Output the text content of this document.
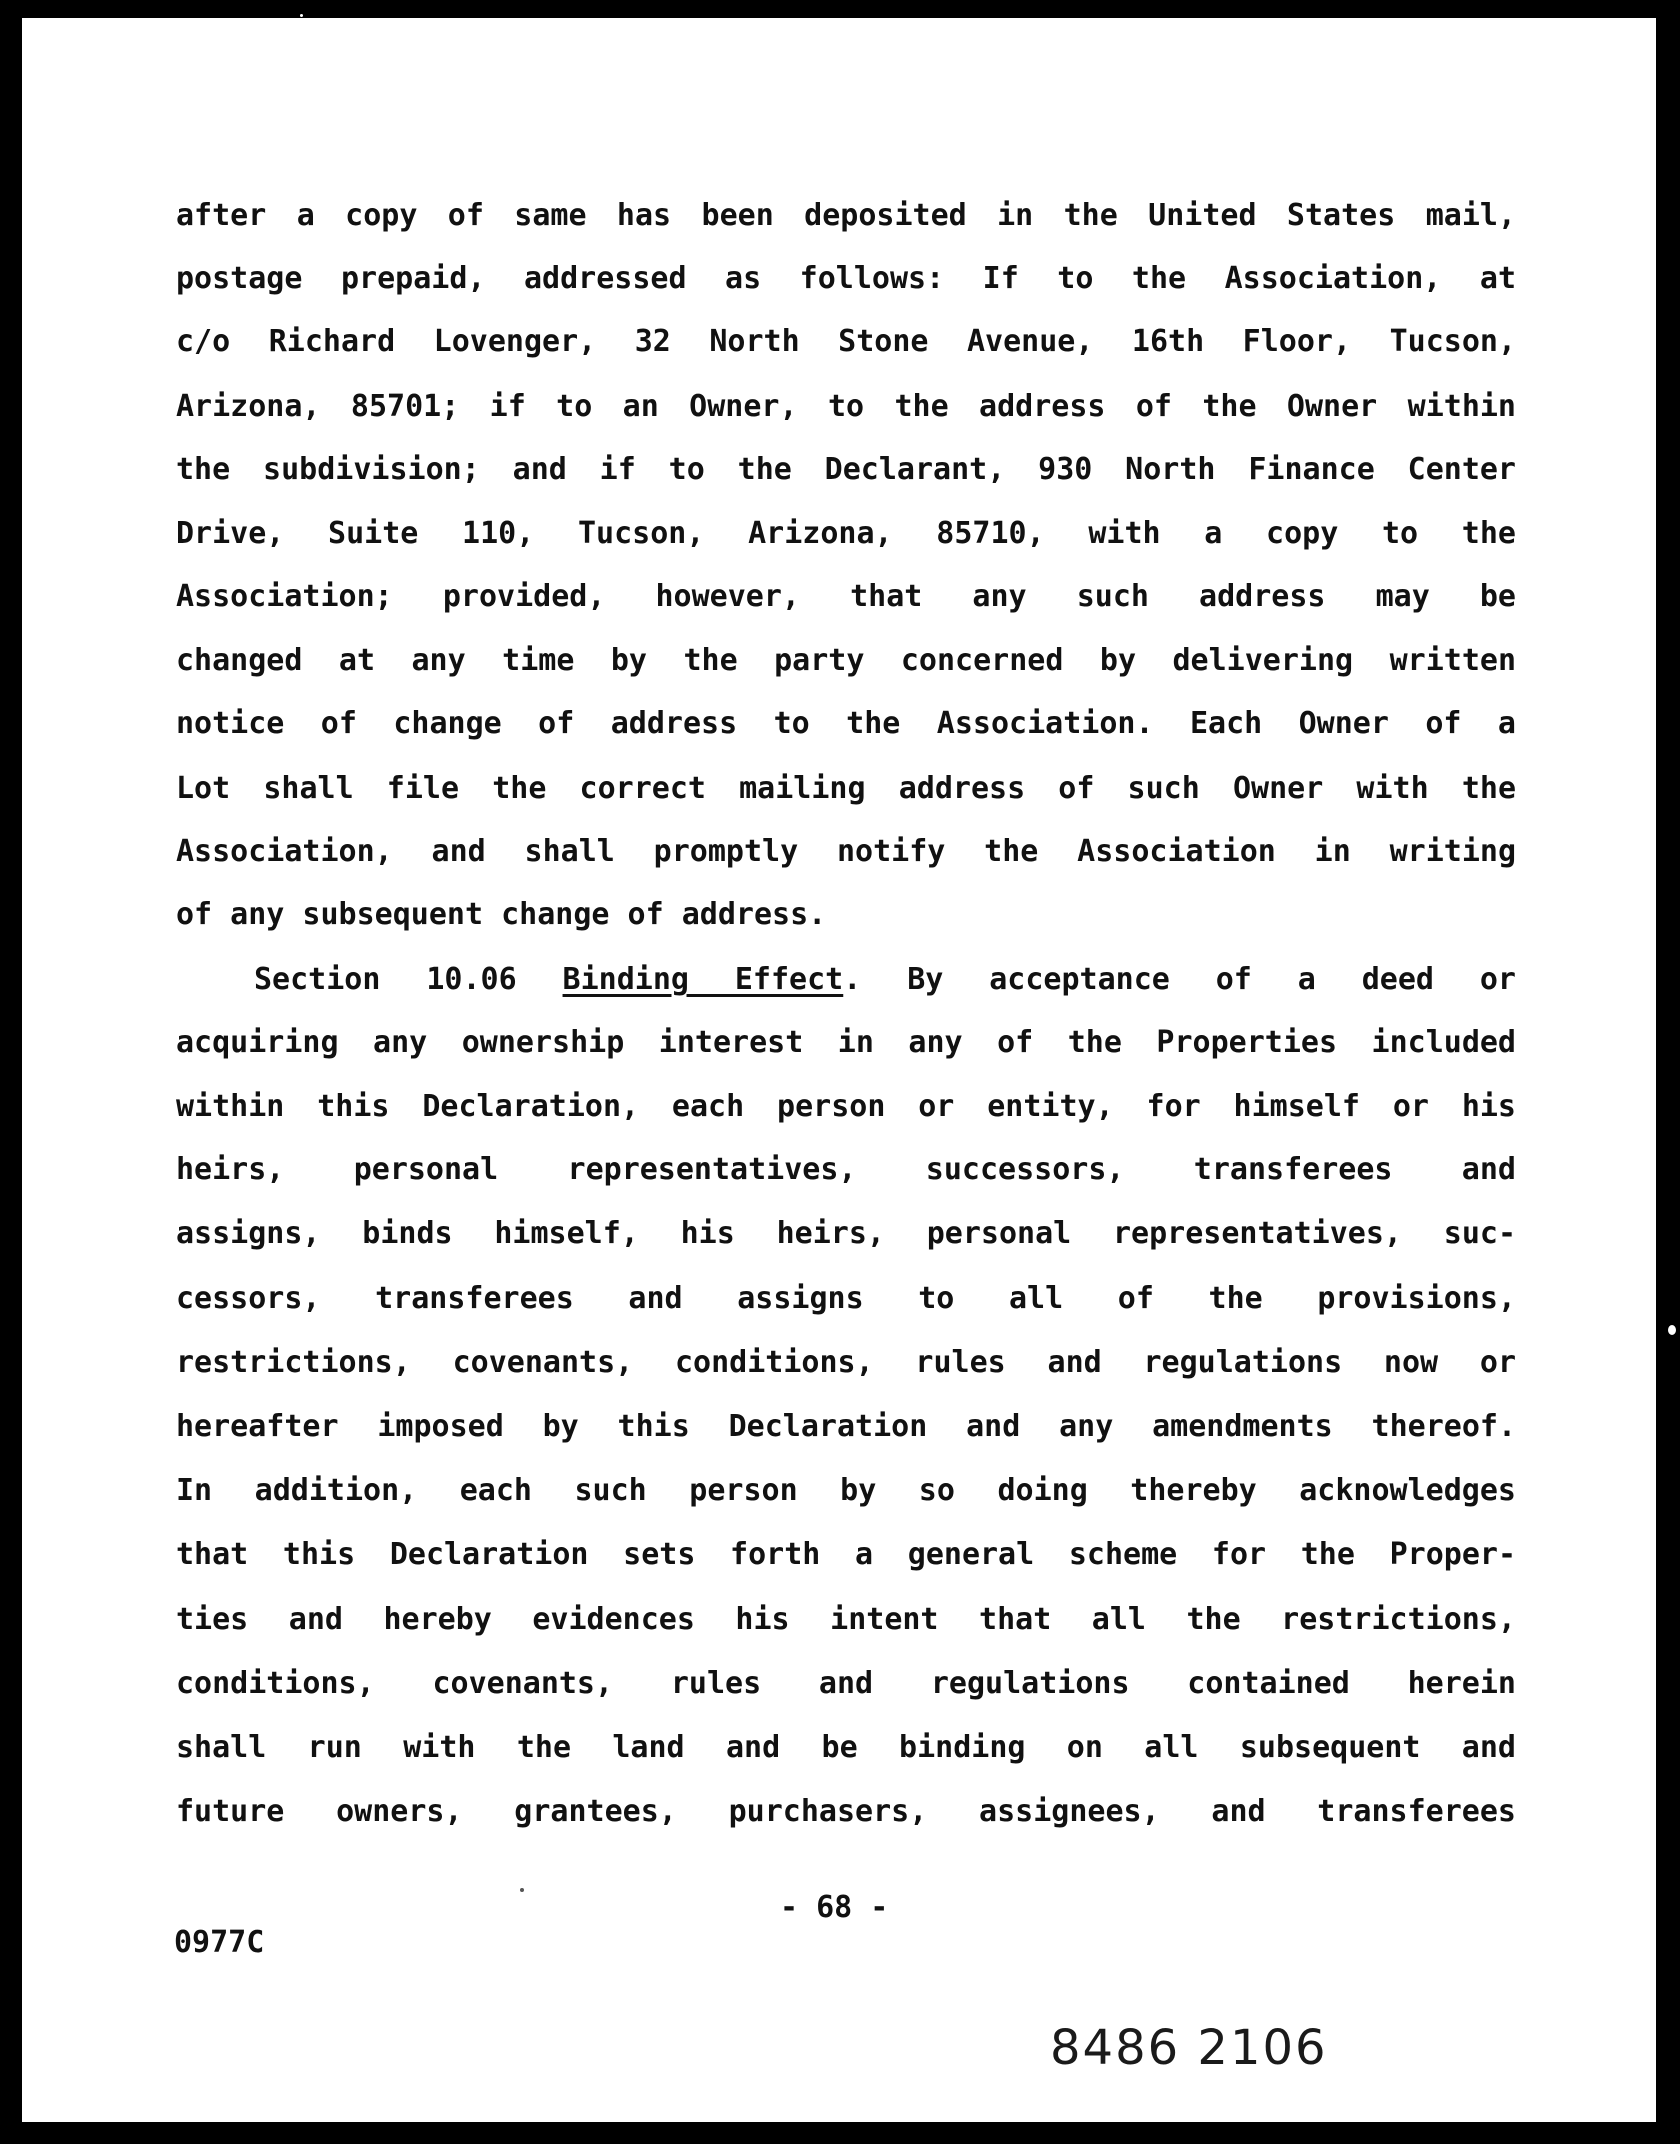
after a copy of same has been deposited in the United States mail,

postage prepaid, addressed as follows: If to the Association, at

c/o Richard Lovenger, 32 North Stone Avenue, 16th Floor, Tucson,

Arizona, 85701; if to an Owner, to the address of the Owner within

the subdivision; and if to the Declarant, 930 North Finance Center

Drive, Suite 110, Tucson, Arizona, 85710, with a copy to the

Association; provided, however, that any such address may be

changed at any time by the party concerned by delivering written

notice of change of address to the Association. Each Owner of a

Lot shall file the correct mailing address of such Owner with the

Association, and shall promptly notify the Association in writing

of any subsequent change of address.

Section 10.06 Binding Effect. By acceptance of a deed or

acquiring any ownership interest in any of the Properties included

within this Declaration, each person or entity, for himself or his

heirs, personal representatives, successors, transferees and

assigns, binds himself, his heirs, personal representatives, suc-

cessors, transferees and assigns to all of the provisions,

restrictions, covenants, conditions, rules and regulations now or

hereafter imposed by this Declaration and any amendments thereof.

In addition, each such person by so doing thereby acknowledges

that this Declaration sets forth a general scheme for the Proper-

ties and hereby evidences his intent that all the restrictions,

conditions, covenants, rules and regulations contained herein

shall run with the land and be binding on all subsequent and

future owners, grantees, purchasers, assignees, and transferees

- 68 -
0977C
8486 2106
